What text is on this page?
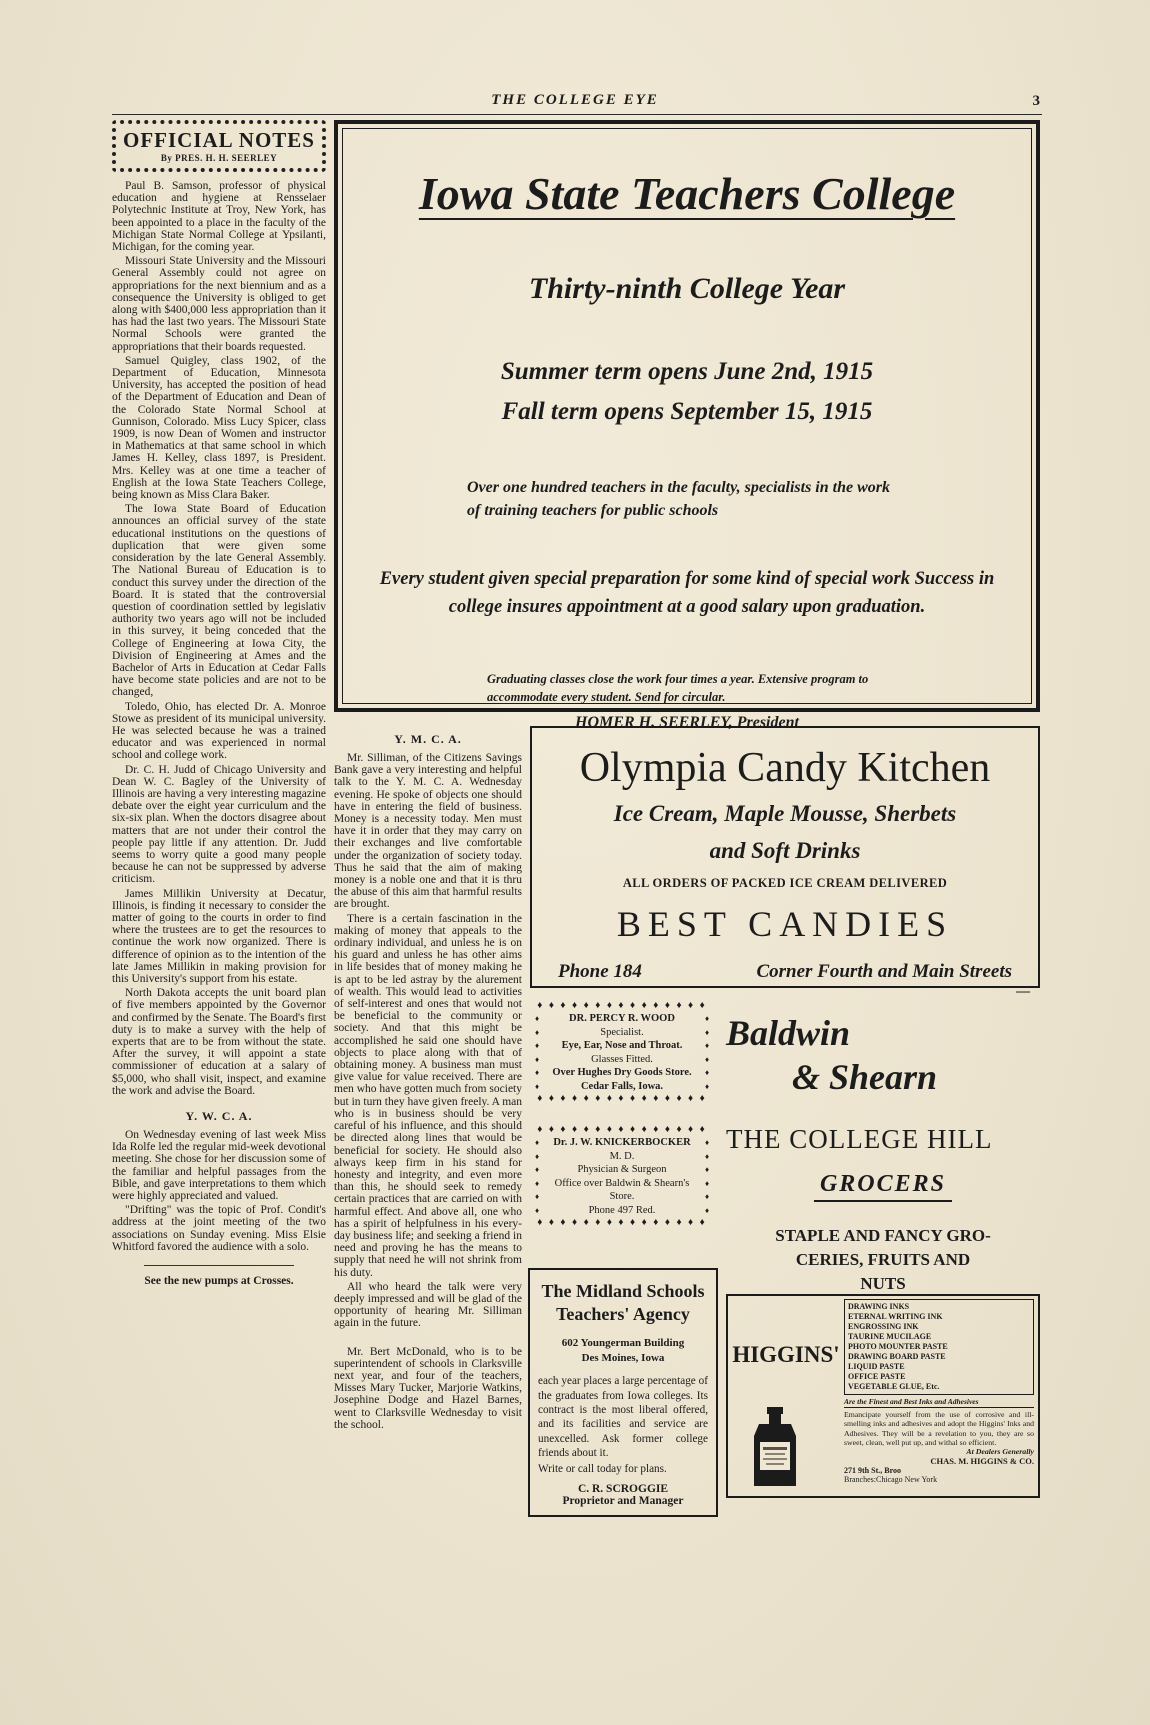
THE COLLEGE EYE	3
OFFICIAL NOTES
By PRES. H. H. SEERLEY

Paul B. Samson, professor of physical education and hygiene at Rensselaer Polytechnic Institute at Troy, New York, has been appointed to a place in the faculty of the Michigan State Normal College at Ypsilanti, Michigan, for the coming year.

Missouri State University and the Missouri General Assembly could not agree on appropriations for the next biennium and as a consequence the University is obliged to get along with $400,000 less appropriation than it has had the last two years. The Missouri State Normal Schools were granted the appropriations that their boards requested.

Samuel Quigley, class 1902, of the Department of Education, Minnesota University, has accepted the position of head of the Department of Education and Dean of the Colorado State Normal School at Gunnison, Colorado. Miss Lucy Spicer, class 1909, is now Dean of Women and instructor in Mathematics at that same school in which James H. Kelley, class 1897, is President. Mrs. Kelley was at one time a teacher of English at the Iowa State Teachers College, being known as Miss Clara Baker.

The Iowa State Board of Education announces an official survey of the state educational institutions on the questions of duplication that were given some consideration by the late General Assembly. The National Bureau of Education is to conduct this survey under the direction of the Board. It is stated that the controversial question of coordination settled by legislativ authority two years ago will not be included in this survey, it being conceded that the College of Engineering at Iowa City, the Division of Engineering at Ames and the Bachelor of Arts in Education at Cedar Falls have become state policies and are not to be changed,

Toledo, Ohio, has elected Dr. A. Monroe Stowe as president of its municipal university. He was selected because he was a trained educator and was experienced in normal school and college work.

Dr. C. H. Judd of Chicago University and Dean W. C. Bagley of the University of Illinois are having a very interesting magazine debate over the eight year curriculum and the six-six plan. When the doctors disagree about matters that are not under their control the people pay little if any attention. Dr. Judd seems to worry quite a good many people because he can not be suppressed by adverse criticism.

James Millikin University at Decatur, Illinois, is finding it necessary to consider the matter of going to the courts in order to find where the trustees are to get the resources to continue the work now organized. There is difference of opinion as to the intention of the late James Millikin in making provision for this University's support from his estate.

North Dakota accepts the unit board plan of five members appointed by the Governor and confirmed by the Senate. The Board's first duty is to make a survey with the help of experts that are to be from without the state. After the survey, it will appoint a state commissioner of education at a salary of $5,000, who shall visit, inspect, and examine the work and advise the Board.

Y. W. C. A.

On Wednesday evening of last week Miss Ida Rolfe led the regular mid-week devotional meeting. She chose for her discussion some of the familiar and helpful passages from the Bible, and gave interpretations to them which were highly appreciated and valued.

"Drifting" was the topic of Prof. Condit's address at the joint meeting of the two associations on Sunday evening. Miss Elsie Whitford favored the audience with a solo.

See the new pumps at Crosses.
Iowa State Teachers College
Thirty-ninth College Year
Summer term opens June 2nd, 1915
Fall term opens September 15, 1915
Over one hundred teachers in the faculty, specialists in the work of training teachers for public schools
Every student given special preparation for some kind of special work Success in college insures appointment at a good salary upon graduation.
Graduating classes close the work four times a year. Extensive program to accommodate every student. Send for circular.
HOMER H. SEERLEY, President
Y. M. C. A.

Mr. Silliman, of the Citizens Savings Bank gave a very interesting and helpful talk to the Y. M. C. A. Wednesday evening. He spoke of objects one should have in entering the field of business. Money is a necessity today. Men must have it in order that they may carry on their exchanges and live comfortable under the organization of society today. Thus he said that the aim of making money is a noble one and that it is thru the abuse of this aim that harmful results are brought.

There is a certain fascination in the making of money that appeals to the ordinary individual, and unless he is on his guard and unless he has other aims in life besides that of money making he is apt to be led astray by the alurement of wealth. This would lead to activities of self-interest and ones that would not be beneficial to the community or society. And that this might be accomplished he said one should have objects to place along with that of obtaining money. A business man must give value for value received. There are men who have gotten much from society but in turn they have given freely. A man who is in business should be very careful of his influence, and this should be directed along lines that would be beneficial for society. He should also always keep firm in his stand for honesty and integrity, and even more than this, he should seek to remedy certain practices that are carried on with harmful effect. And above all, one who has a spirit of helpfulness in his every-day business life; and seeking a friend in need and proving he has the means to supply that need he will not shrink from his duty.

All who heard the talk were very deeply impressed and will be glad of the opportunity of hearing Mr. Silliman again in the future.

Mr. Bert McDonald, who is to be superintendent of schools in Clarksville next year, and four of the teachers, Misses Mary Tucker, Marjorie Watkins, Josephine Dodge and Hazel Barnes, went to Clarksville Wednesday to visit the school.

Olympia Candy Kitchen
Ice Cream, Maple Mousse, Sherbets
and Soft Drinks
ALL ORDERS OF PACKED ICE CREAM DELIVERED
BEST CANDIES
Phone 184	Corner Fourth and Main Streets
—
♦ ♦ ♦ ♦ ♦ ♦ ♦ ♦ ♦ ♦ ♦ ♦ ♦ ♦ ♦
♦	DR. PERCY R. WOOD	♦
♦	Specialist.	♦
♦	Eye, Ear, Nose and Throat.	♦
♦	Glasses Fitted.	♦
♦	Over Hughes Dry Goods Store.	♦
♦	Cedar Falls, Iowa.	♦
♦ ♦ ♦ ♦ ♦ ♦ ♦ ♦ ♦ ♦ ♦ ♦ ♦ ♦ ♦
♦ ♦ ♦ ♦ ♦ ♦ ♦ ♦ ♦ ♦ ♦ ♦ ♦ ♦ ♦
♦	Dr. J. W. KNICKERBOCKER	♦
♦	M. D.	♦
♦	Physician & Surgeon	♦
♦	Office over Baldwin & Shearn's	♦
♦	Store.	♦
♦	Phone 497 Red.	♦
♦ ♦ ♦ ♦ ♦ ♦ ♦ ♦ ♦ ♦ ♦ ♦ ♦ ♦ ♦
Baldwin
& Shearn
THE COLLEGE HILL
GROCERS
STAPLE AND FANCY GRO-
CERIES, FRUITS AND
NUTS
The Midland Schools
Teachers' Agency
602 Youngerman Building
Des Moines, Iowa
each year places a large percentage of the graduates from Iowa colleges. Its contract is the most liberal offered, and its facilities and service are unexcelled. Ask former college friends about it.
Write or call today for plans.
C. R. SCROGGIE
Proprietor and Manager
HIGGINS'
DRAWING INKS
ETERNAL WRITING INK
ENGROSSING INK
TAURINE MUCILAGE
PHOTO MOUNTER PASTE
DRAWING BOARD PASTE
LIQUID PASTE
OFFICE PASTE
VEGETABLE GLUE, Etc.
Are the Finest and Best Inks and Adhesives
Emancipate yourself from the use of corrosive and ill-smelling inks and adhesives and adopt the Higgins' Inks and Adhesives. They will be a revelation to you, they are so sweet, clean, well put up, and withal so efficient.
At Dealers Generally
CHAS. M. HIGGINS & CO.
271 9th St., Broo
Branches:Chicago New York
